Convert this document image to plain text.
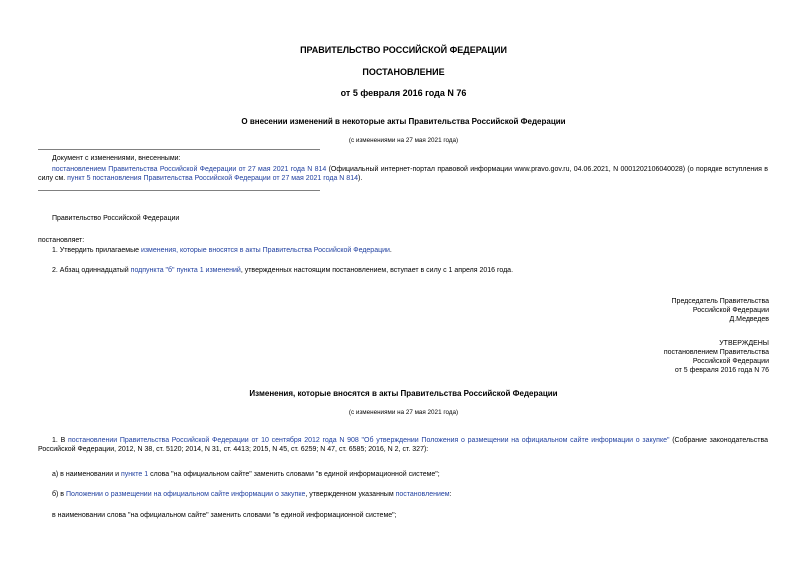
ПРАВИТЕЛЬСТВО РОССИЙСКОЙ ФЕДЕРАЦИИ
ПОСТАНОВЛЕНИЕ
от 5 февраля 2016 года N 76
О внесении изменений в некоторые акты Правительства Российской Федерации
(с изменениями на 27 мая 2021 года)
Документ с изменениями, внесенными:
постановлением Правительства Российской Федерации от 27 мая 2021 года N 814 (Официальный интернет-портал правовой информации www.pravo.gov.ru, 04.06.2021, N 0001202106040028) (о порядке вступления в силу см. пункт 5 постановления Правительства Российской Федерации от 27 мая 2021 года N 814).
Правительство Российской Федерации
постановляет:
1. Утвердить прилагаемые изменения, которые вносятся в акты Правительства Российской Федерации.
2. Абзац одиннадцатый подпункта "б" пункта 1 изменений, утвержденных настоящим постановлением, вступает в силу с 1 апреля 2016 года.
Председатель Правительства
Российской Федерации
Д.Медведев
УТВЕРЖДЕНЫ
постановлением Правительства
Российской Федерации
от 5 февраля 2016 года N 76
Изменения, которые вносятся в акты Правительства Российской Федерации
(с изменениями на 27 мая 2021 года)
1. В постановлении Правительства Российской Федерации от 10 сентября 2012 года N 908 "Об утверждении Положения о размещении на официальном сайте информации о закупке" (Собрание законодательства Российской Федерации, 2012, N 38, ст. 5120; 2014, N 31, ст. 4413; 2015, N 45, ст. 6259; N 47, ст. 6585; 2016, N 2, ст. 327):
а) в наименовании и пункте 1 слова "на официальном сайте" заменить словами "в единой информационной системе";
б) в Положении о размещении на официальном сайте информации о закупке, утвержденном указанным постановлением:
в наименовании слова "на официальном сайте" заменить словами "в единой информационной системе";
